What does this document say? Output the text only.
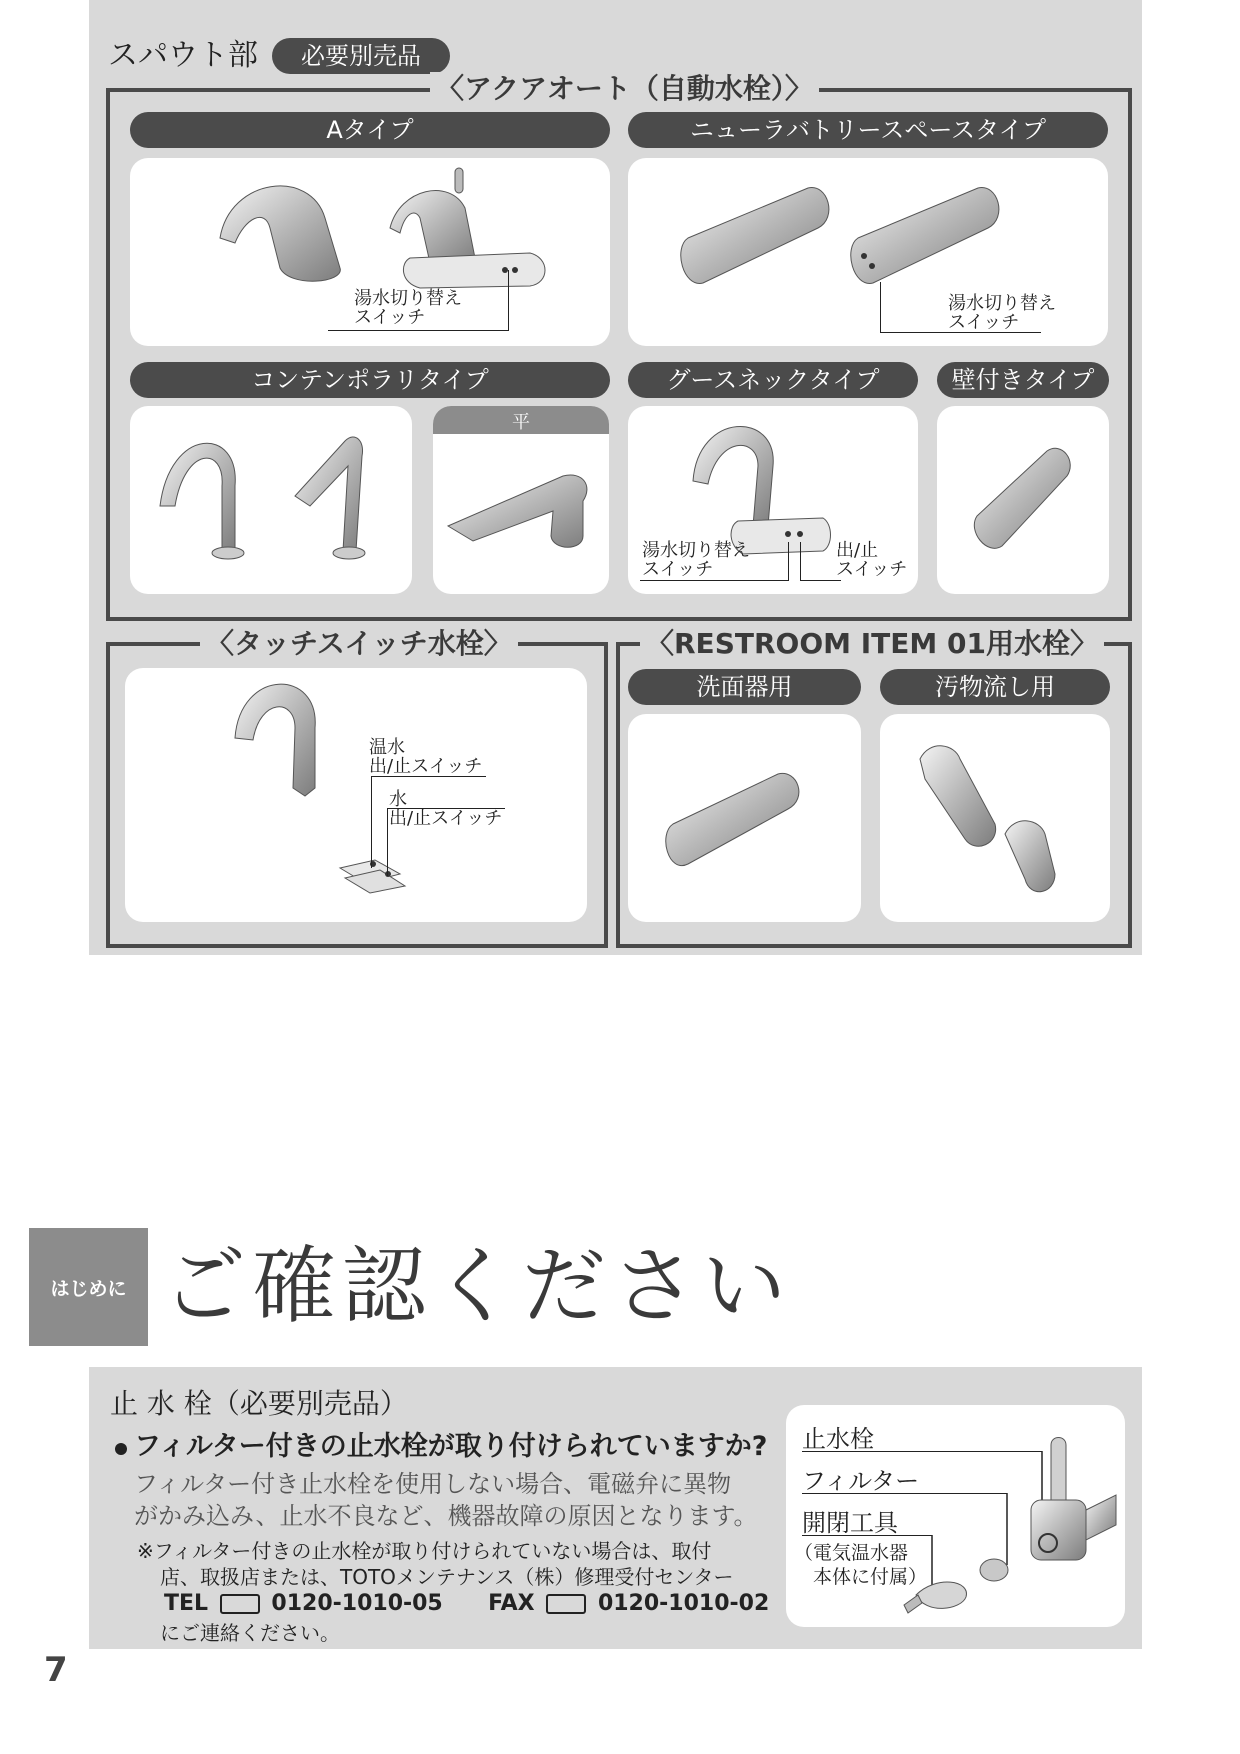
スパウト部	必要別売品
〈アクアオート（自動水栓）〉
Aタイプ	ニューラバトリースペースタイプ
湯水切り替え
スイッチ
湯水切り替え
スイッチ
コンテンポラリタイプ	グースネックタイプ	壁付きタイプ
平
湯水切り替え
スイッチ
出/止
スイッチ
〈タッチスイッチ水栓〉
温水
出/止スイッチ
水
出/止スイッチ
〈RESTROOM ITEM 01用水栓〉
洗面器用	汚物流し用
はじめに ご確認ください
止 水 栓（必要別売品）
フィルター付きの止水栓が取り付けられていますか?
フィルター付き止水栓を使用しない場合、電磁弁に異物
がかみ込み、止水不良など、機器故障の原因となります。
※フィルター付きの止水栓が取り付けられていない場合は、取付
店、取扱店または、TOTOメンテナンス（株）修理受付センター
TEL	0120-1010-05 FAX	0120-1010-02
にご連絡ください。
止水栓
フィルター
開閉工具
（電気温水器
　本体に付属）
7
